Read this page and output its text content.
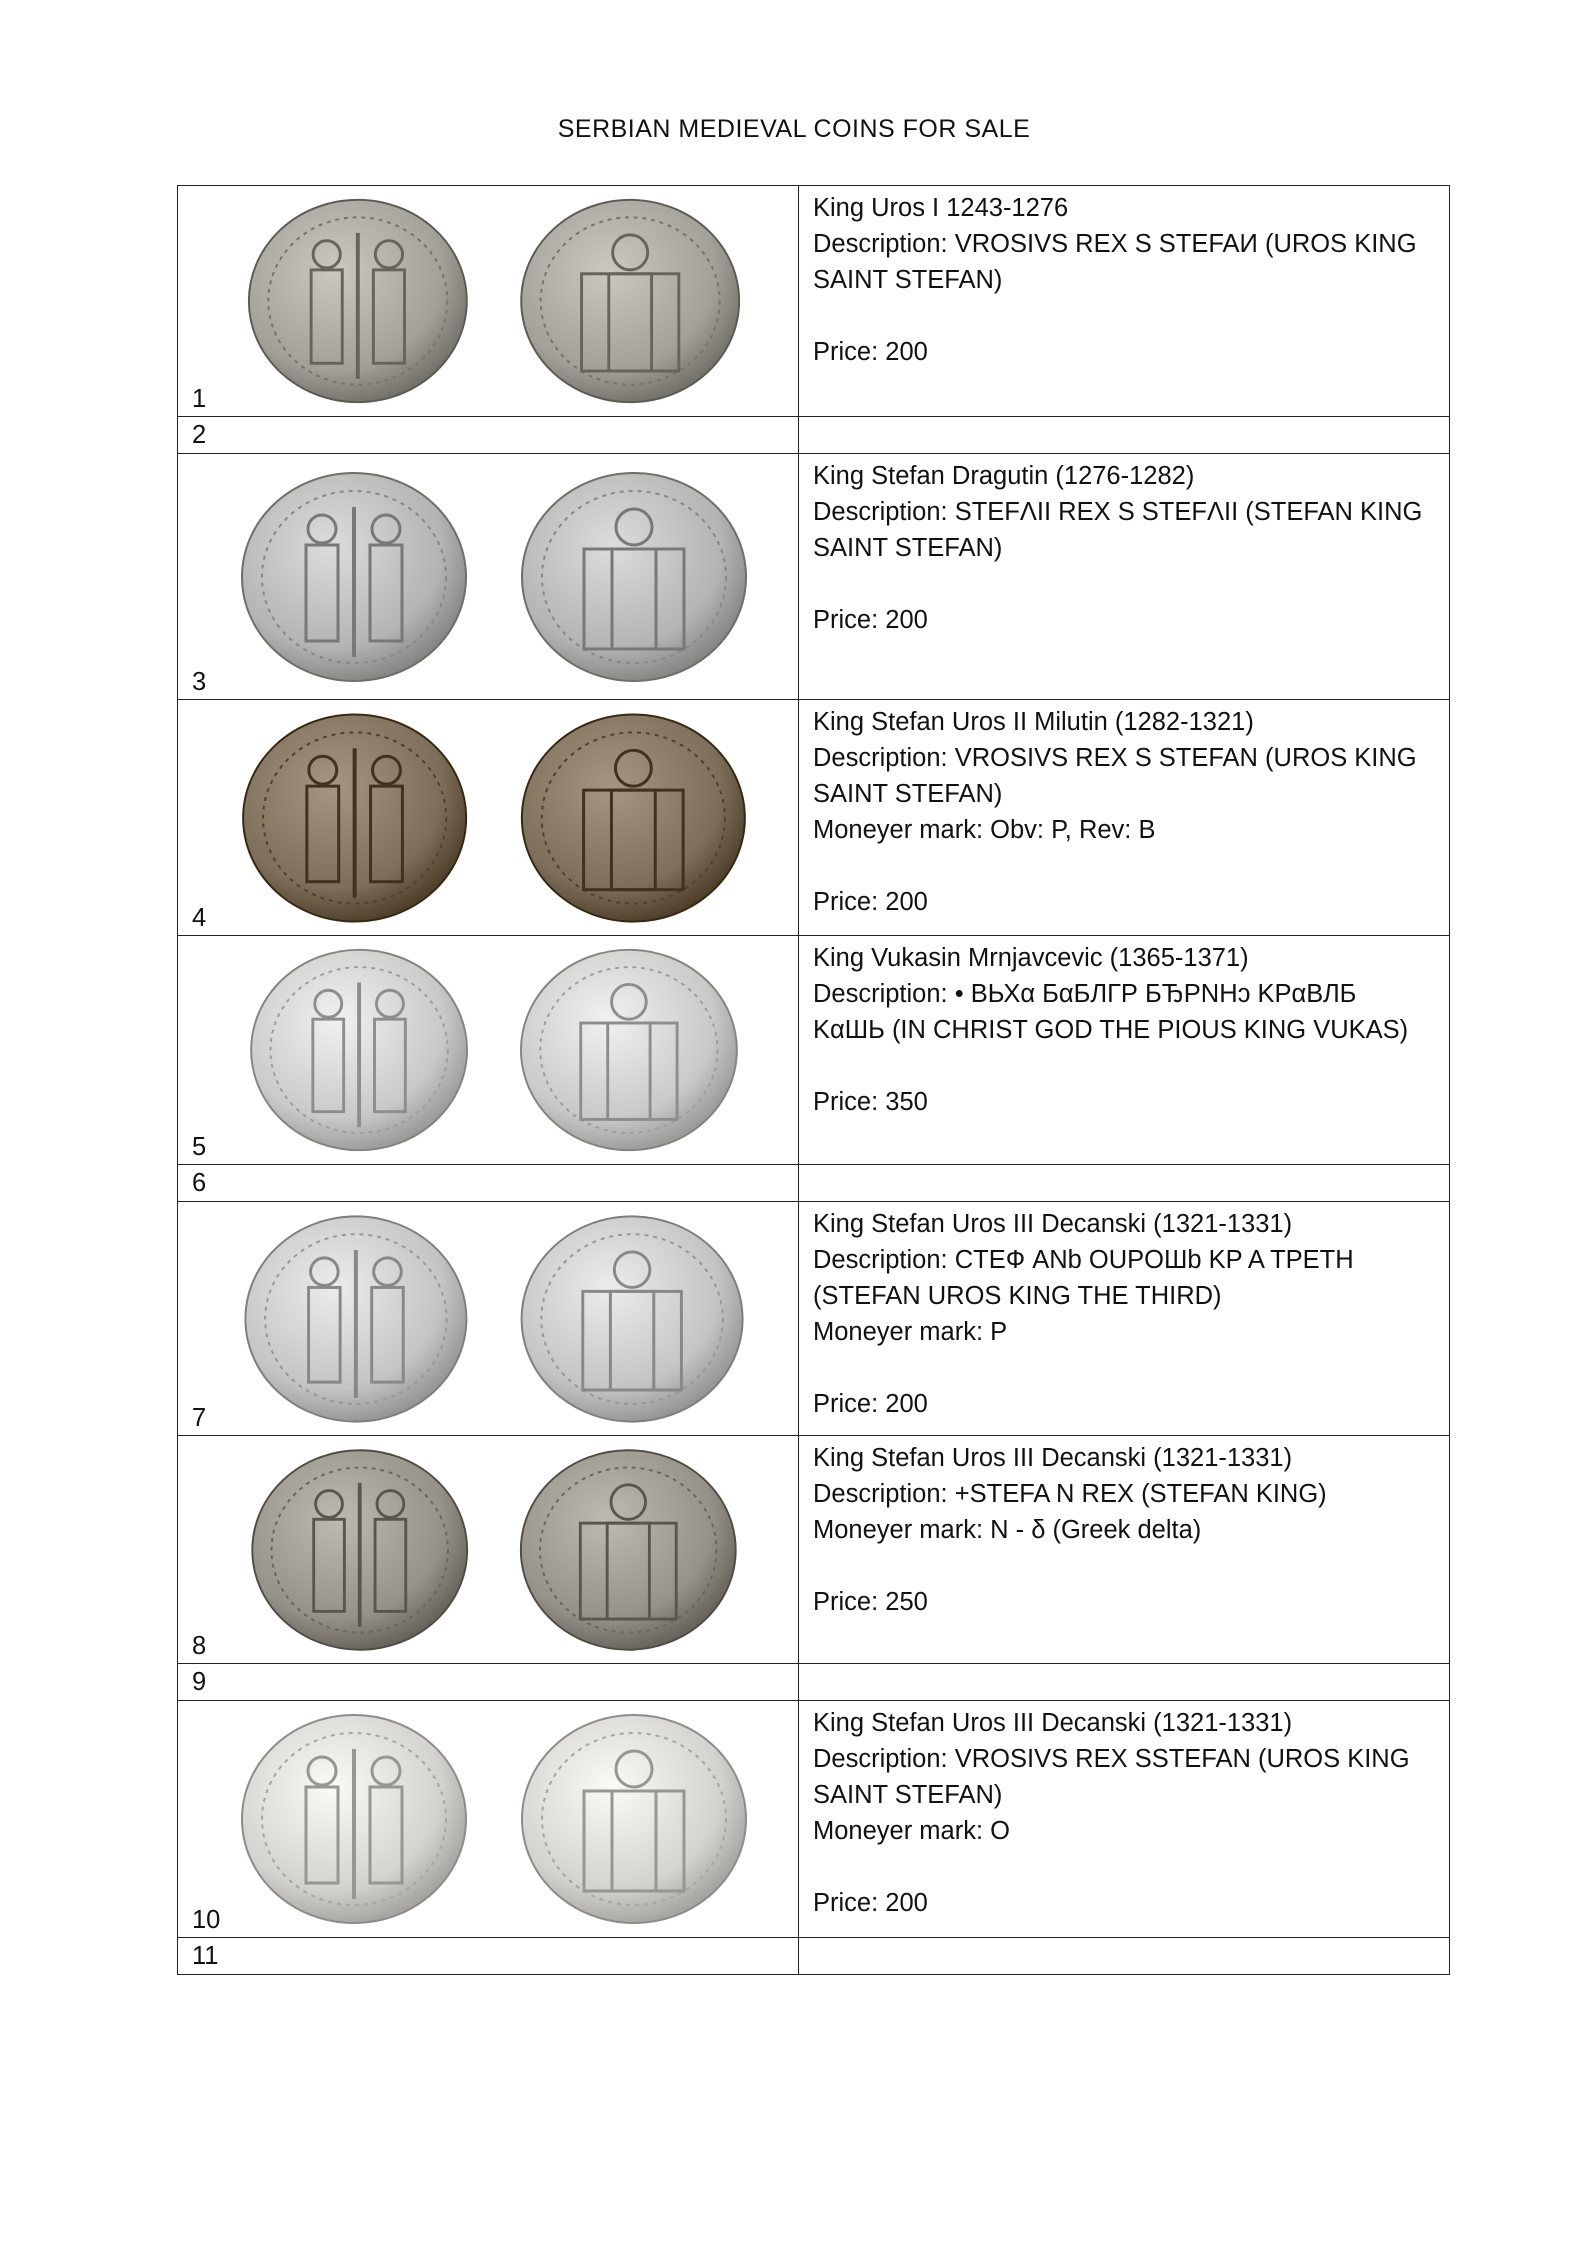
SERBIAN MEDIEVAL COINS FOR SALE
1	King Uros I 1243-1276
Description: VROSIVS REX S STEFAИ (UROS KING SAINT STEFAN)
Price: 200

2	

3	King Stefan Dragutin (1276-1282)
Description: STEFΛII REX S STEFΛII (STEFAN KING SAINT STEFAN)
Price: 200

4	King Stefan Uros II Milutin (1282-1321)
Description: VROSIVS REX S STEFAN (UROS KING SAINT STEFAN)
Moneyer mark: Obv: P, Rev: B
Price: 200

5	King Vukasin Mrnjavcevic (1365-1371)
Description: • ВЬХα БαБЛГР БЂРNHɔ KРαВЛБ KαШЬ (IN CHRIST GOD THE PIOUS KING VUKAS)
Price: 350

6	

7	King Stefan Uros III Decanski (1321-1331)
Description: CTEФ ANb OUPOШb KP A TPETH (STEFAN UROS KING THE THIRD)
Moneyer mark: P
Price: 200

8	King Stefan Uros III Decanski (1321-1331)
Description: +STEFA N REX (STEFAN KING)
Moneyer mark: N - δ (Greek delta)
Price: 250

9	

10	King Stefan Uros III Decanski (1321-1331)
Description: VROSIVS REX SSTEFAN (UROS KING SAINT STEFAN)
Moneyer mark: O
Price: 200

11	
